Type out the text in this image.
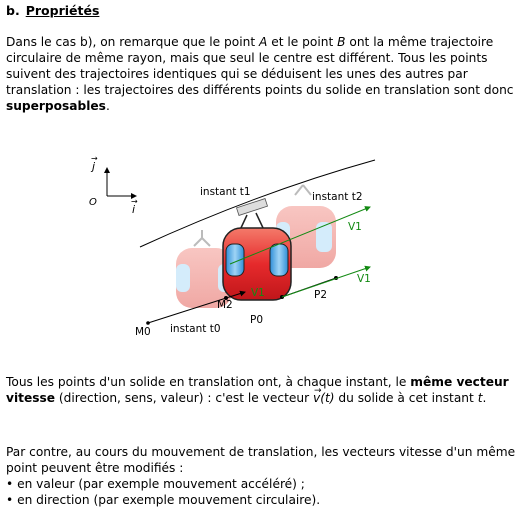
b. Propriétés

Dans le cas b), on remarque que le point A et le point B ont la même trajectoire circulaire de même rayon, mais que seul le centre est différent. Tous les points suivent des trajectoires identiques qui se déduisent les unes des autres par translation : les trajectoires des différents points du solide en translation sont donc superposables.

O
j
i
→
→
instant t1	instant t2
instant t0
V1
V1
V1
M2
M0
P0
P2

Tous les points d'un solide en translation ont, à chaque instant, le même vecteur vitesse (direction, sens, valeur) : c'est le vecteur → v(t) du solide à cet instant t.

Par contre, au cours du mouvement de translation, les vecteurs vitesse d'un même point peuvent être modifiés :
• en valeur (par exemple mouvement accéléré) ;
• en direction (par exemple mouvement circulaire).
